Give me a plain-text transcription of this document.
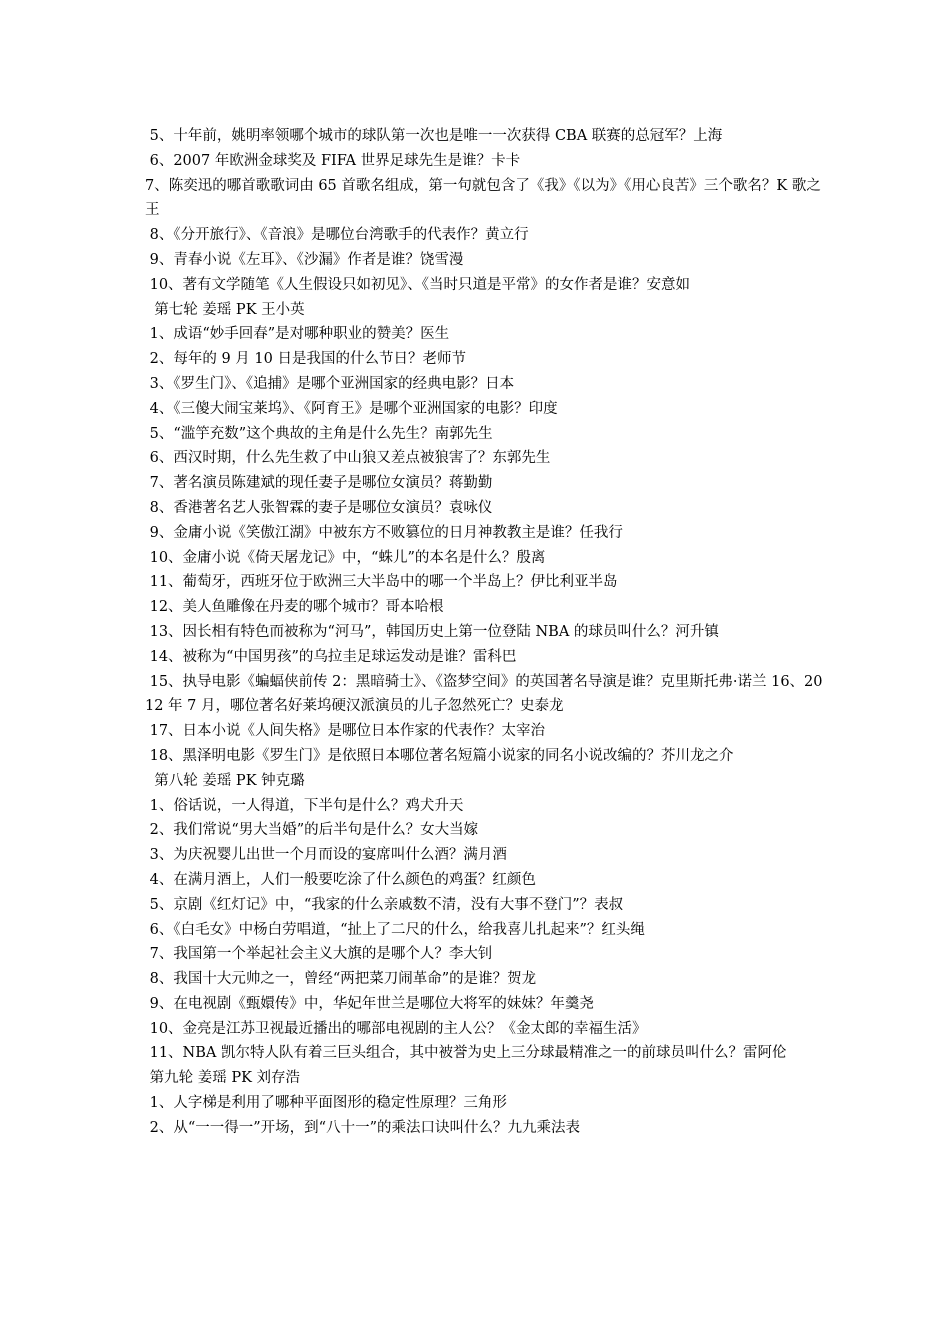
5、十年前，姚明率领哪个城市的球队第一次也是唯一一次获得 CBA 联赛的总冠军？上海
6、2007 年欧洲金球奖及 FIFA 世界足球先生是谁？卡卡
7、陈奕迅的哪首歌歌词由 65 首歌名组成，第一句就包含了《我》《以为》《用心良苦》三个歌名？K 歌之王
8、《分开旅行》、《音浪》是哪位台湾歌手的代表作？黄立行
9、青春小说《左耳》、《沙漏》作者是谁？饶雪漫
10、著有文学随笔《人生假设只如初见》、《当时只道是平常》的女作者是谁？安意如
第七轮 姜瑶 PK 王小英
1、成语“妙手回春”是对哪种职业的赞美？医生
2、每年的 9 月 10 日是我国的什么节日？老师节
3、《罗生门》、《追捕》是哪个亚洲国家的经典电影？日本
4、《三傻大闹宝莱坞》、《阿育王》是哪个亚洲国家的电影？印度
5、“滥竽充数”这个典故的主角是什么先生？南郭先生
6、西汉时期，什么先生救了中山狼又差点被狼害了？东郭先生
7、著名演员陈建斌的现任妻子是哪位女演员？蒋勤勤
8、香港著名艺人张智霖的妻子是哪位女演员？袁咏仪
9、金庸小说《笑傲江湖》中被东方不败篡位的日月神教教主是谁？任我行
10、金庸小说《倚天屠龙记》中，“蛛儿”的本名是什么？殷离
11、葡萄牙，西班牙位于欧洲三大半岛中的哪一个半岛上？伊比利亚半岛
12、美人鱼雕像在丹麦的哪个城市？哥本哈根
13、因长相有特色而被称为“河马”，韩国历史上第一位登陆 NBA 的球员叫什么？河升镇
14、被称为“中国男孩”的乌拉圭足球运发动是谁？雷科巴
15、执导电影《蝙蝠侠前传 2：黑暗骑士》、《盗梦空间》的英国著名导演是谁？克里斯托弗·诺兰 16、2012 年 7 月，哪位著名好莱坞硬汉派演员的儿子忽然死亡？史泰龙
17、日本小说《人间失格》是哪位日本作家的代表作？太宰治
18、黑泽明电影《罗生门》是依照日本哪位著名短篇小说家的同名小说改编的？芥川龙之介
第八轮 姜瑶 PK 钟克璐
1、俗话说，一人得道，下半句是什么？鸡犬升天
2、我们常说“男大当婚”的后半句是什么？女大当嫁
3、为庆祝婴儿出世一个月而设的宴席叫什么酒？满月酒
4、在满月酒上，人们一般要吃涂了什么颜色的鸡蛋？红颜色
5、京剧《红灯记》中，“我家的什么亲戚数不清，没有大事不登门”？表叔
6、《白毛女》中杨白劳唱道，“扯上了二尺的什么，给我喜儿扎起来”？红头绳
7、我国第一个举起社会主义大旗的是哪个人？李大钊
8、我国十大元帅之一，曾经“两把菜刀闹革命”的是谁？贺龙
9、在电视剧《甄嬛传》中，华妃年世兰是哪位大将军的妹妹？年羹尧
10、金亮是江苏卫视最近播出的哪部电视剧的主人公？《金太郎的幸福生活》
11、NBA 凯尔特人队有着三巨头组合，其中被誉为史上三分球最精准之一的前球员叫什么？雷阿伦
第九轮 姜瑶 PK 刘存浩
1、人字梯是利用了哪种平面图形的稳定性原理？三角形
2、从“一一得一”开场，到“八十一”的乘法口诀叫什么？九九乘法表
